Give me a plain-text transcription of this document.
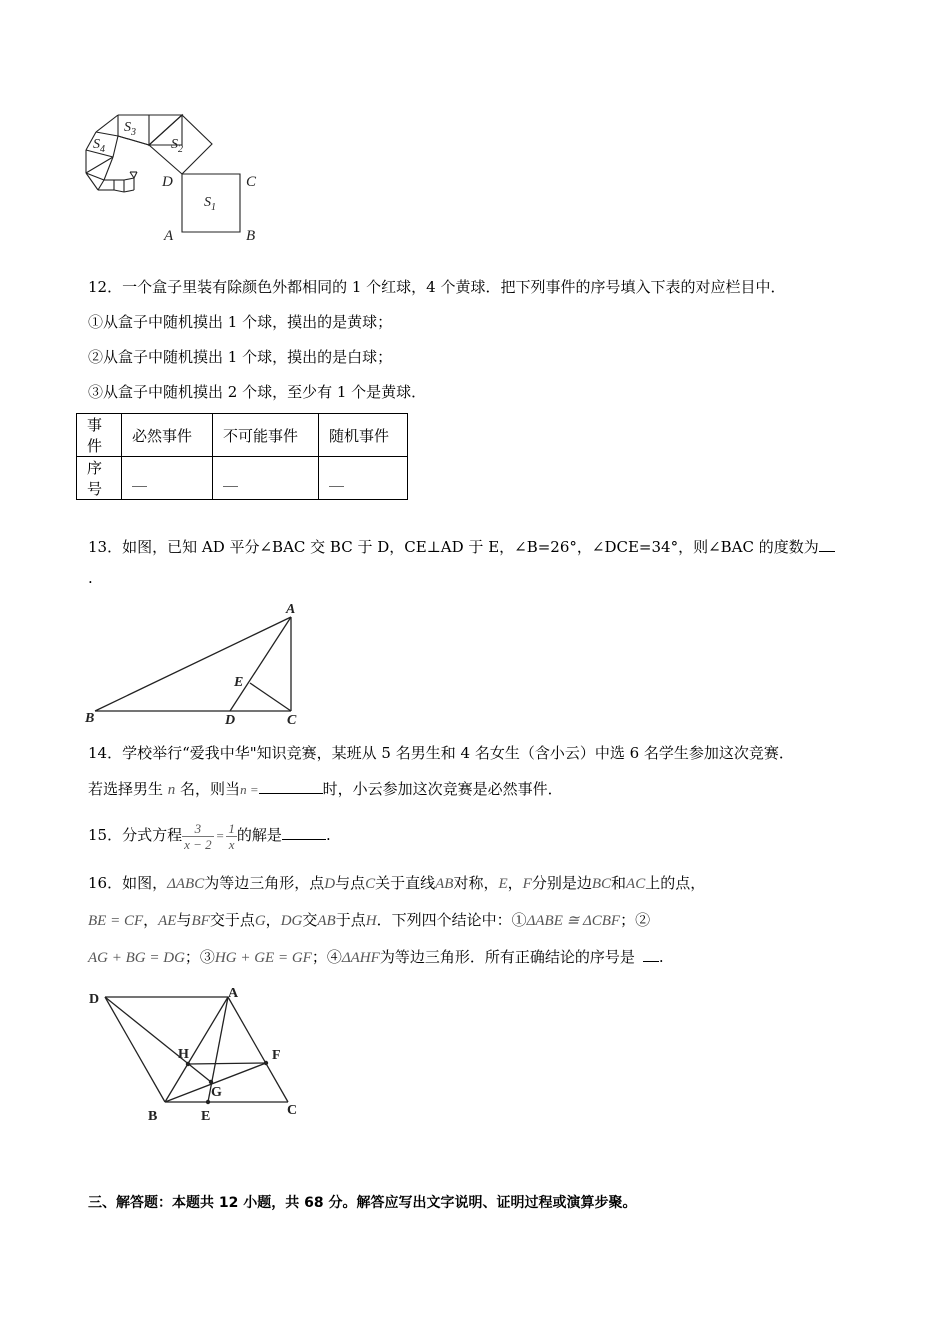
$S_3$
$S_2$
$S_4$
$S_1$
D	C
A	B
12．一个盒子里装有除颜色外都相同的 1 个红球，4 个黄球．把下列事件的序号填入下表的对应栏目中．
①从盒子中随机摸出 1 个球，摸出的是黄球；
②从盒子中随机摸出 1 个球，摸出的是白球；
③从盒子中随机摸出 2 个球，至少有 1 个是黄球．
事件	必然事件	不可能事件	随机事件
序号	__	__	__
13．如图，已知 AD 平分∠BAC 交 BC 于 D，CE⊥AD 于 E，∠B=26°，∠DCE=34°，则∠BAC 的度数为
.
A
B	C
D
E
14．学校举行“爱我中华"知识竞赛，某班从 5 名男生和 4 名女生（含小云）中选 6 名学生参加这次竞赛．
若选择男生 n 名，则当n =	时，小云参加这次竞赛是必然事件．
15．分式方程 $\frac{3}{x - 2} = \frac{1}{x}$ 的解是	.
16．如图，ΔABC为等边三角形，点D与点C关于直线AB对称，E，F分别是边BC和AC上的点，
BE = CF，AE与BF交于点G，DG交AB于点H．下列四个结论中：①ΔABE ≅ ΔCBF；②
AG + BG = DG；③HG + GE = GF；④ΔAHF为等边三角形．所有正确结论的序号是 .
D	A
H	F
G
B	E	C
三、解答题：本题共 12 小题，共 68 分。解答应写出文字说明、证明过程或演算步聚。
